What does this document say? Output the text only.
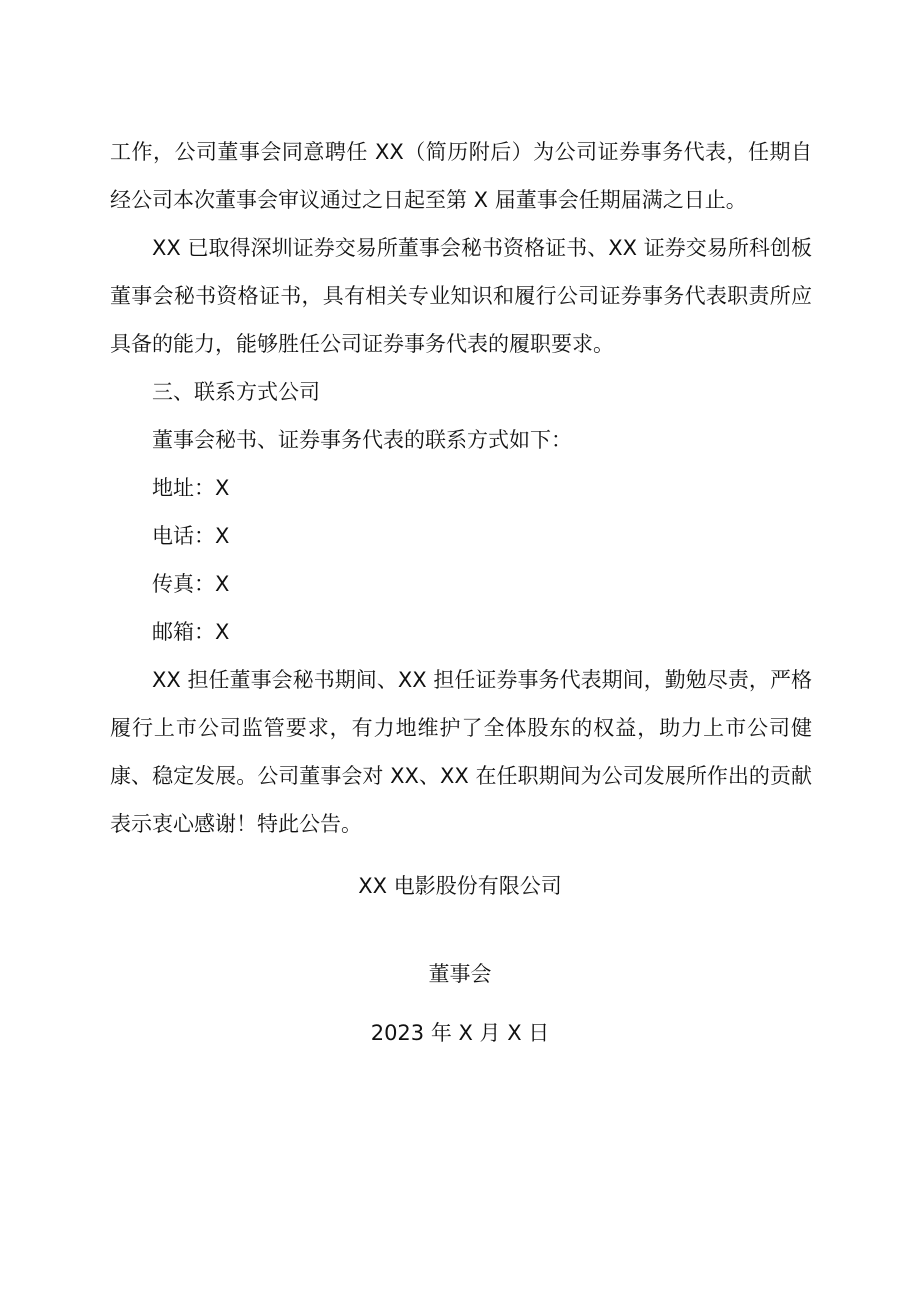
工作，公司董事会同意聘任 XX（简历附后）为公司证券事务代表，任期自经公司本次董事会审议通过之日起至第 X 届董事会任期届满之日止。

XX 已取得深圳证券交易所董事会秘书资格证书、XX 证券交易所科创板董事会秘书资格证书，具有相关专业知识和履行公司证券事务代表职责所应具备的能力，能够胜任公司证券事务代表的履职要求。

三、联系方式公司

董事会秘书、证券事务代表的联系方式如下：

地址：X

电话：X

传真：X

邮箱：X

XX 担任董事会秘书期间、XX 担任证券事务代表期间，勤勉尽责，严格履行上市公司监管要求，有力地维护了全体股东的权益，助力上市公司健康、稳定发展。公司董事会对 XX、XX 在任职期间为公司发展所作出的贡献表示衷心感谢！特此公告。

XX 电影股份有限公司

董事会

2023 年 X 月 X 日
